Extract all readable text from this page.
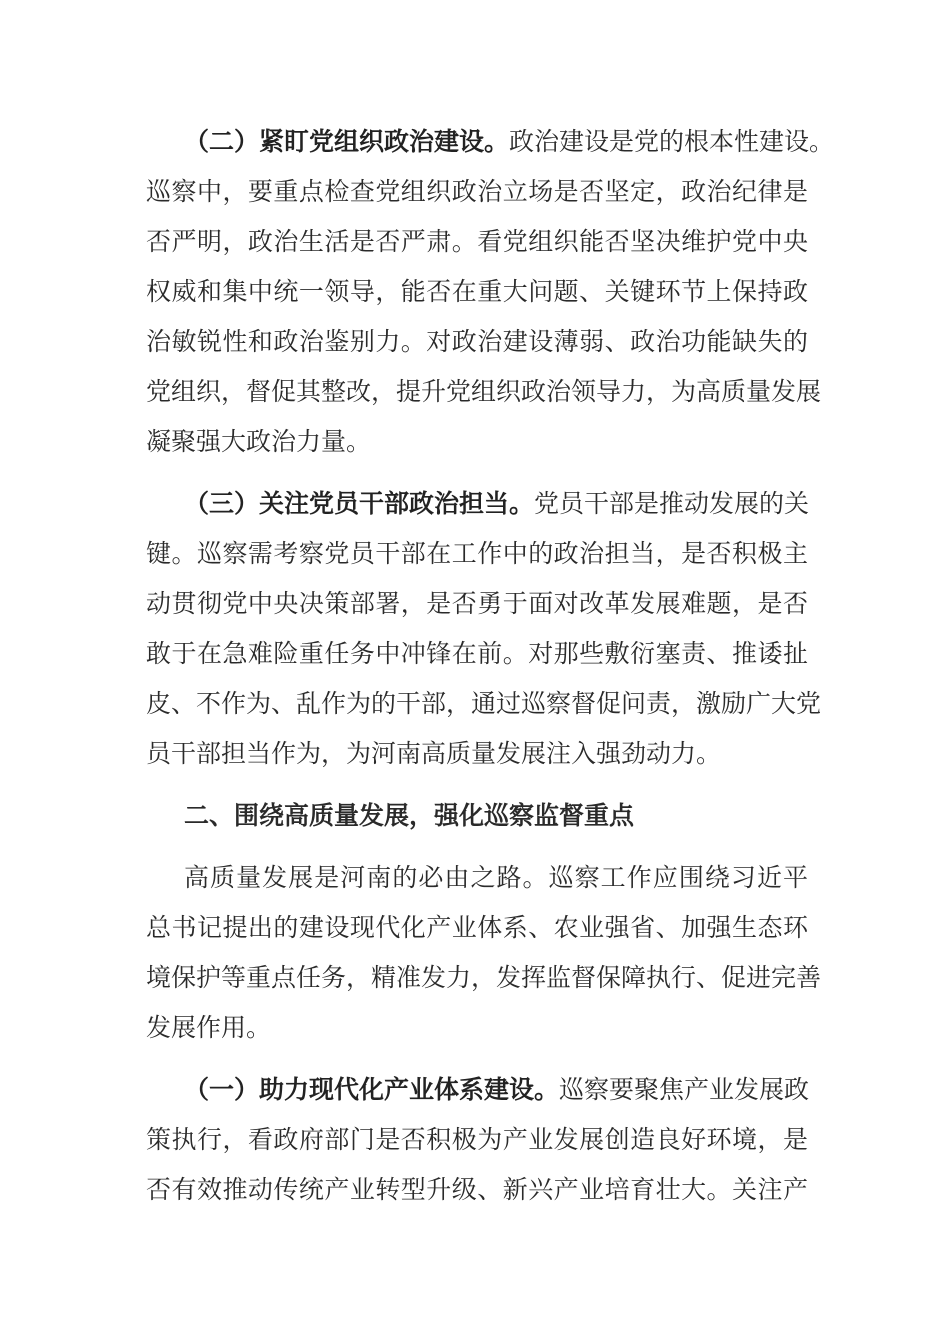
（二）紧盯党组织政治建设。政治建设是党的根本性建设。
巡察中，要重点检查党组织政治立场是否坚定，政治纪律是
否严明，政治生活是否严肃。看党组织能否坚决维护党中央
权威和集中统一领导，能否在重大问题、关键环节上保持政
治敏锐性和政治鉴别力。对政治建设薄弱、政治功能缺失的
党组织，督促其整改，提升党组织政治领导力，为高质量发展
凝聚强大政治力量。
（三）关注党员干部政治担当。党员干部是推动发展的关
键。巡察需考察党员干部在工作中的政治担当，是否积极主
动贯彻党中央决策部署，是否勇于面对改革发展难题，是否
敢于在急难险重任务中冲锋在前。对那些敷衍塞责、推诿扯
皮、不作为、乱作为的干部，通过巡察督促问责，激励广大党
员干部担当作为，为河南高质量发展注入强劲动力。
二、围绕高质量发展，强化巡察监督重点
高质量发展是河南的必由之路。巡察工作应围绕习近平
总书记提出的建设现代化产业体系、农业强省、加强生态环
境保护等重点任务，精准发力，发挥监督保障执行、促进完善
发展作用。
（一）助力现代化产业体系建设。巡察要聚焦产业发展政
策执行，看政府部门是否积极为产业发展创造良好环境，是
否有效推动传统产业转型升级、新兴产业培育壮大。关注产
